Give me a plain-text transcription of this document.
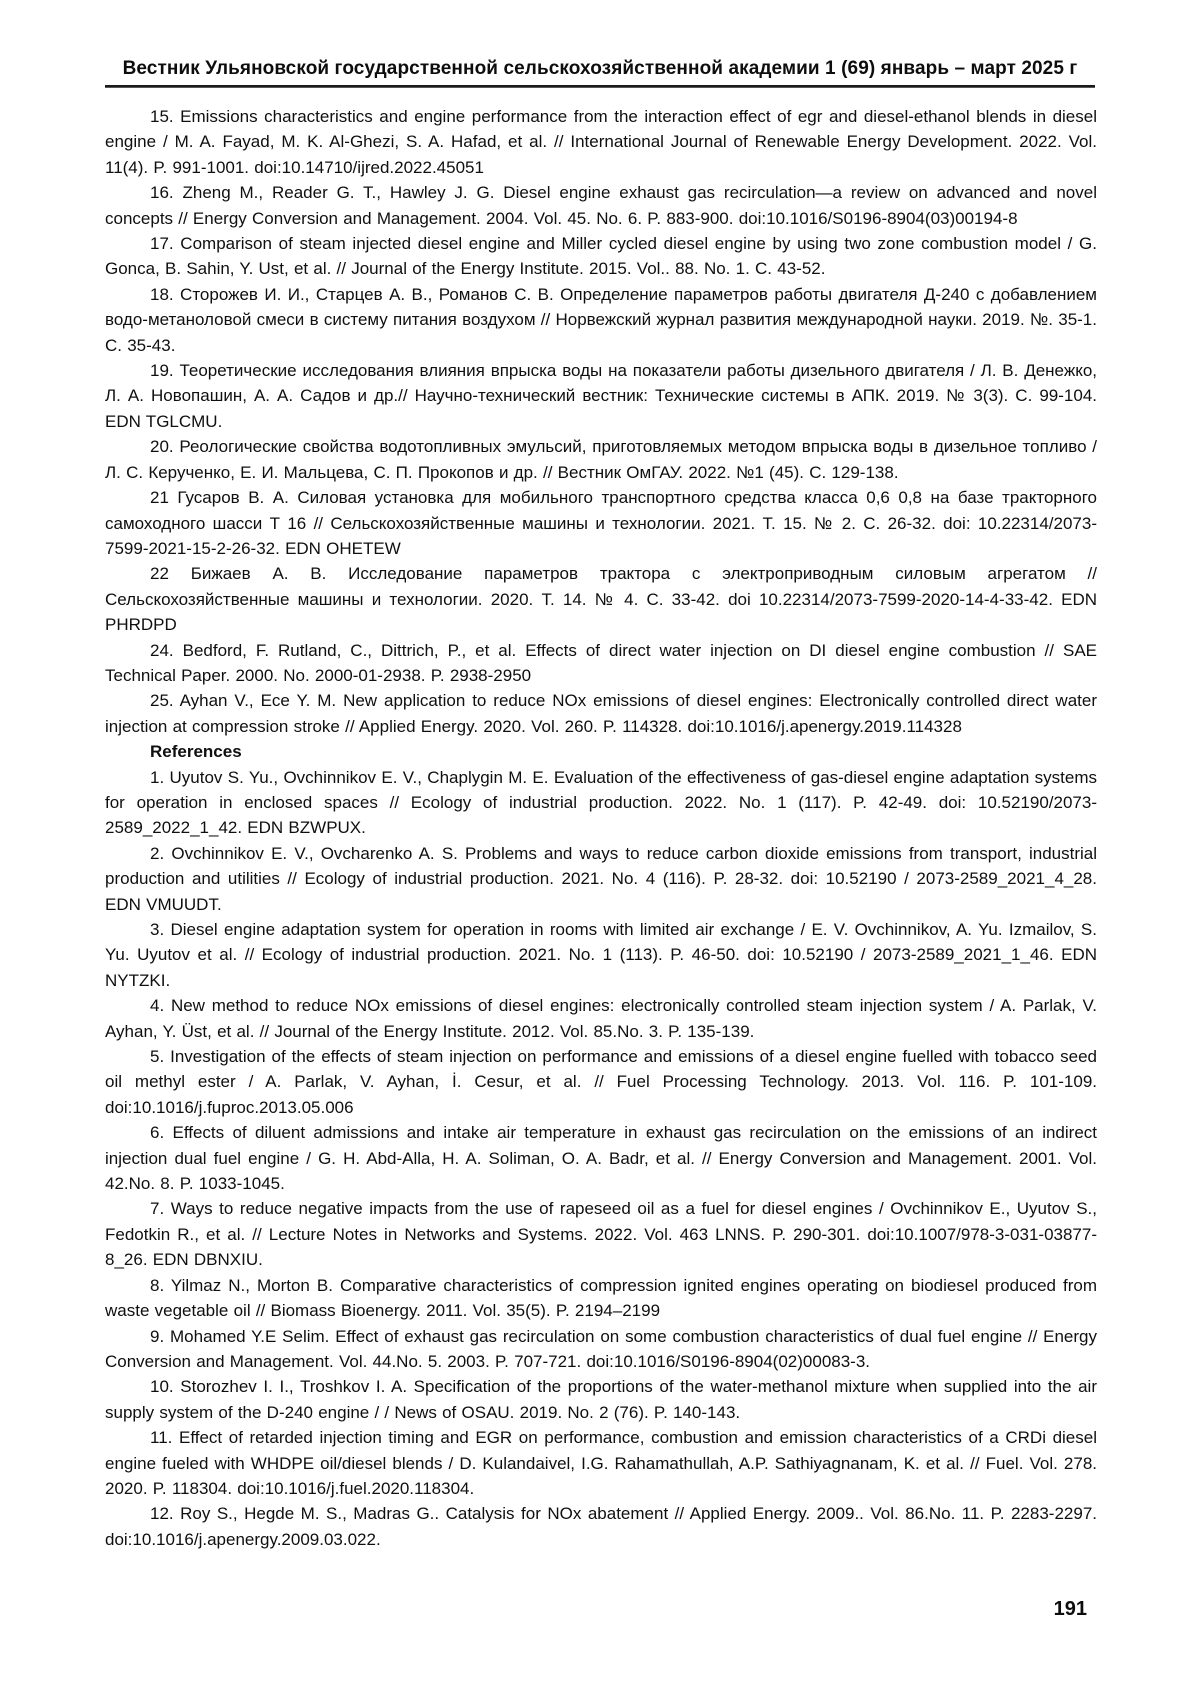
Вестник Ульяновской государственной сельскохозяйственной академии 1 (69) январь – март 2025 г

15. Emissions characteristics and engine performance from the interaction effect of egr and diesel-ethanol blends in diesel engine / M. A. Fayad, M. K. Al-Ghezi, S. A. Hafad, et al. // International Journal of Renewable Energy Development. 2022. Vol. 11(4). P. 991-1001. doi:10.14710/ijred.2022.45051

16. Zheng M., Reader G. T., Hawley J. G. Diesel engine exhaust gas recirculation—a review on advanced and novel concepts // Energy Conversion and Management. 2004. Vol. 45. No. 6. P. 883-900. doi:10.1016/S0196-8904(03)00194-8

17. Comparison of steam injected diesel engine and Miller cycled diesel engine by using two zone combustion model / G. Gonca, B. Sahin, Y. Ust, et al. // Journal of the Energy Institute. 2015. Vol.. 88. No. 1. C. 43-52.

18. Сторожев И. И., Старцев А. В., Романов С. В. Определение параметров работы двигателя Д-240 с добавлением водо-метаноловой смеси в систему питания воздухом // Норвежский журнал развития международной науки. 2019. №. 35-1. С. 35-43.

19. Теоретические исследования влияния впрыска воды на показатели работы дизельного двигателя / Л. В. Денежко, Л. А. Новопашин, А. А. Садов и др.// Научно-технический вестник: Технические системы в АПК. 2019. № 3(3). С. 99-104. EDN TGLCMU.

20. Реологические свойства водотопливных эмульсий, приготовляемых методом впрыска воды в дизельное топливо / Л. С. Керученко, Е. И. Мальцева, С. П. Прокопов и др. // Вестник ОмГАУ. 2022. №1 (45). С. 129-138.

21 Гусаров В. А. Силовая установка для мобильного транспортного средства класса 0,6 0,8 на базе тракторного самоходного шасси Т 16 // Сельскохозяйственные машины и технологии. 2021. Т. 15. № 2. С. 26-32. doi: 10.22314/2073-7599-2021-15-2-26-32. EDN OHETEW

22 Бижаев А. В. Исследование параметров трактора с электроприводным силовым агрегатом // Сельскохозяйственные машины и технологии. 2020. Т. 14. № 4. С. 33-42. doi 10.22314/2073-7599-2020-14-4-33-42. EDN PHRDPD

24. Bedford, F. Rutland, C., Dittrich, P., et al. Effects of direct water injection on DI diesel engine combustion // SAE Technical Paper. 2000. No. 2000-01-2938. P. 2938-2950

25. Ayhan V., Ece Y. M. New application to reduce NOx emissions of diesel engines: Electronically controlled direct water injection at compression stroke // Applied Energy. 2020. Vol. 260. P. 114328. doi:10.1016/j.apenergy.2019.114328

References

1. Uyutov S. Yu., Ovchinnikov E. V., Chaplygin M. E. Evaluation of the effectiveness of gas-diesel engine adaptation systems for operation in enclosed spaces // Ecology of industrial production. 2022. No. 1 (117). P. 42-49. doi: 10.52190/2073-2589_2022_1_42. EDN BZWPUX.

2. Ovchinnikov E. V., Ovcharenko A. S. Problems and ways to reduce carbon dioxide emissions from transport, industrial production and utilities // Ecology of industrial production. 2021. No. 4 (116). P. 28-32. doi: 10.52190 / 2073-2589_2021_4_28. EDN VMUUDT.

3. Diesel engine adaptation system for operation in rooms with limited air exchange / E. V. Ovchinnikov, A. Yu. Izmailov, S. Yu. Uyutov et al. // Ecology of industrial production. 2021. No. 1 (113). P. 46-50. doi: 10.52190 / 2073-2589_2021_1_46. EDN NYTZKI.

4. New method to reduce NOx emissions of diesel engines: electronically controlled steam injection system / A. Parlak, V. Ayhan, Y. Üst, et al. // Journal of the Energy Institute. 2012. Vol. 85.No. 3. P. 135-139.

5. Investigation of the effects of steam injection on performance and emissions of a diesel engine fuelled with tobacco seed oil methyl ester / A. Parlak, V. Ayhan, İ. Cesur, et al. // Fuel Processing Technology. 2013. Vol. 116. P. 101-109. doi:10.1016/j.fuproc.2013.05.006

6. Effects of diluent admissions and intake air temperature in exhaust gas recirculation on the emissions of an indirect injection dual fuel engine / G. H. Abd-Alla, H. A. Soliman, O. A. Badr, et al. // Energy Conversion and Management. 2001. Vol. 42.No. 8. P. 1033-1045.

7. Ways to reduce negative impacts from the use of rapeseed oil as a fuel for diesel engines / Ovchinnikov E., Uyutov S., Fedotkin R., et al. // Lecture Notes in Networks and Systems. 2022. Vol. 463 LNNS. P. 290-301. doi:10.1007/978-3-031-03877-8_26. EDN DBNXIU.

8. Yilmaz N., Morton B. Comparative characteristics of compression ignited engines operating on biodiesel produced from waste vegetable oil // Biomass Bioenergy. 2011. Vol. 35(5). P. 2194–2199

9. Mohamed Y.E Selim. Effect of exhaust gas recirculation on some combustion characteristics of dual fuel engine // Energy Conversion and Management. Vol. 44.No. 5. 2003. P. 707-721. doi:10.1016/S0196-8904(02)00083-3.

10. Storozhev I. I., Troshkov I. A. Specification of the proportions of the water-methanol mixture when supplied into the air supply system of the D-240 engine / / News of OSAU. 2019. No. 2 (76). P. 140-143.

11. Effect of retarded injection timing and EGR on performance, combustion and emission characteristics of a CRDi diesel engine fueled with WHDPE oil/diesel blends / D. Kulandaivel, I.G. Rahamathullah, A.P. Sathiyagnanam, K. et al. // Fuel. Vol. 278. 2020. P. 118304. doi:10.1016/j.fuel.2020.118304.

12. Roy S., Hegde M. S., Madras G.. Catalysis for NOx abatement // Applied Energy. 2009.. Vol. 86.No. 11. P. 2283-2297. doi:10.1016/j.apenergy.2009.03.022.

191
